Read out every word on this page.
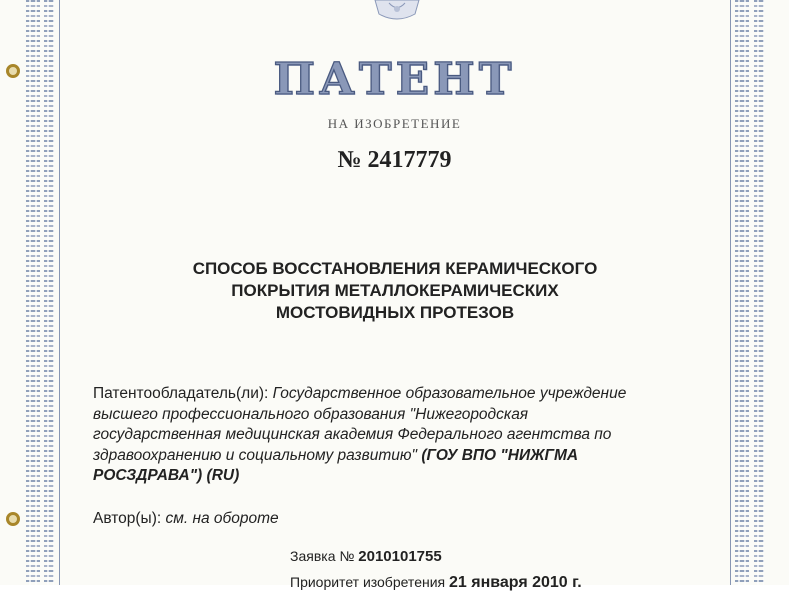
ПАТЕНТ
НА ИЗОБРЕТЕНИЕ
№ 2417779
СПОСОБ ВОССТАНОВЛЕНИЯ КЕРАМИЧЕСКОГО
ПОКРЫТИЯ МЕТАЛЛОКЕРАМИЧЕСКИХ
МОСТОВИДНЫХ ПРОТЕЗОВ
Патентообладатель(ли): Государственное образовательное учреждение
высшего профессионального образования "Нижегородская
государственная медицинская академия Федерального агентства по
здравоохранению и социальному развитию" (ГОУ ВПО "НИЖГМА
РОСЗДРАВА") (RU)
Автор(ы): см. на обороте
Заявка № 2010101755
Приоритет изобретения 21 января 2010 г.
